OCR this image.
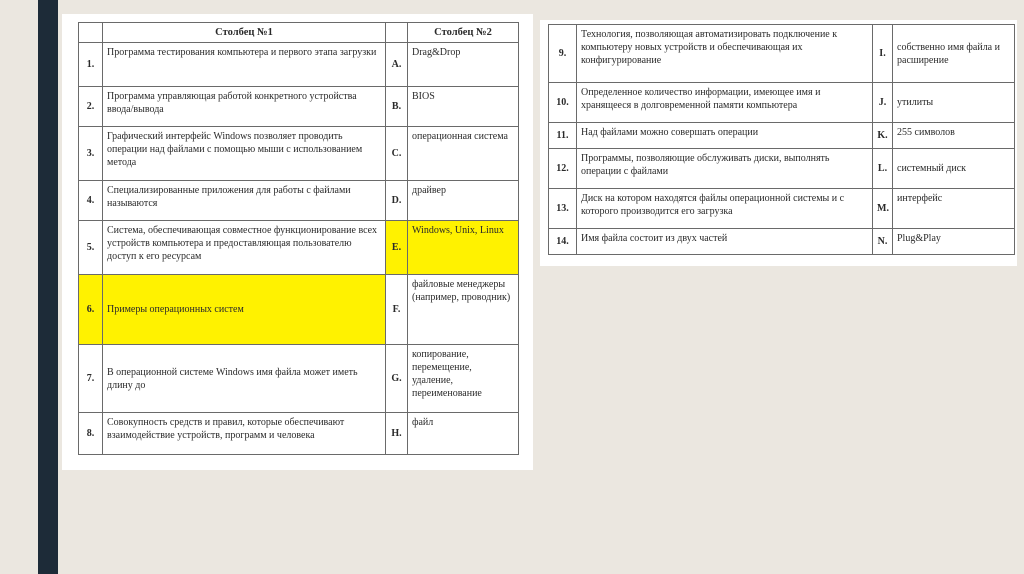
	Столбец №1		Столбец №2
1.	Программа тестирования компьютера и первого этапа загрузки	A.	Drag&Drop
2.	Программа управляющая работой конкретного устройства ввода/вывода	B.	BIOS
3.	Графический интерфейс Windows позволяет проводить операции над файлами с помощью мыши с использованием метода	C.	операционная система
4.	Специализированные приложения для работы с файлами называются	D.	драйвер
5.	Система, обеспечивающая совместное функционирование всех устройств компьютера и предоставляющая пользователю доступ к его ресурсам	E.	Windows, Unix, Linux
6.	Примеры операционных систем	F.	файловые менеджеры (например, проводник)
7.	В операционной системе Windows имя файла может иметь длину до	G.	копирование, перемещение, удаление, переименование
8.	Совокупность средств и правил, которые обеспечивают взаимодействие устройств, программ и человека	H.	файл
9.	Технология, позволяющая автоматизировать подключение к компьютеру новых устройств и обеспечивающая их конфигурирование	I.	собственно имя файла и расширение
10.	Определенное количество информации, имеющее имя и хранящееся в долговременной памяти компьютера	J.	утилиты
11.	Над файлами можно совершать операции	K.	255 символов
12.	Программы, позволяющие обслуживать диски, выполнять операции с файлами	L.	системный диск
13.	Диск на котором находятся файлы операционной системы и с которого производится его загрузка	M.	интерфейс
14.	Имя файла состоит из двух частей	N.	Plug&Play
